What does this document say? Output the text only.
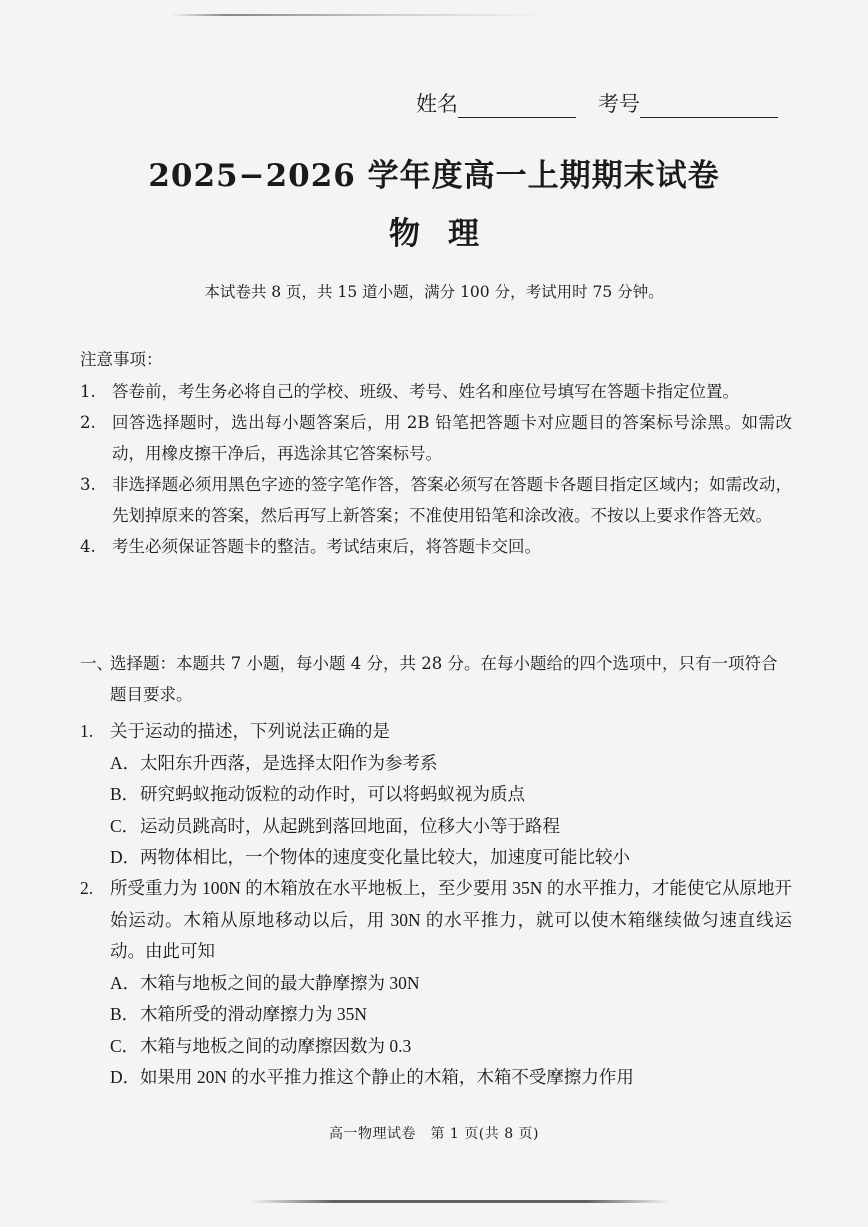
姓名	考号
2025−2026 学年度高一上期期末试卷
物理
本试卷共 8 页，共 15 道小题，满分 100 分，考试用时 75 分钟。
注意事项：
1. 答卷前，考生务必将自己的学校、班级、考号、姓名和座位号填写在答题卡指定位置。
2. 回答选择题时，选出每小题答案后，用 2B 铅笔把答题卡对应题目的答案标号涂黑。如需改动，用橡皮擦干净后，再选涂其它答案标号。
3. 非选择题必须用黑色字迹的签字笔作答，答案必须写在答题卡各题目指定区域内；如需改动，先划掉原来的答案，然后再写上新答案；不准使用铅笔和涂改液。不按以上要求作答无效。
4. 考生必须保证答题卡的整洁。考试结束后，将答题卡交回。
一、
选择题：本题共 7 小题，每小题 4 分，共 28 分。在每小题给的四个选项中，只有一项符合题目要求。
1. 关于运动的描述，下列说法正确的是
A． 太阳东升西落，是选择太阳作为参考系
B． 研究蚂蚁拖动饭粒的动作时，可以将蚂蚁视为质点
C． 运动员跳高时，从起跳到落回地面，位移大小等于路程
D． 两物体相比，一个物体的速度变化量比较大，加速度可能比较小
2. 所受重力为 100N 的木箱放在水平地板上，至少要用 35N 的水平推力，才能使它从原地开始运动。木箱从原地移动以后，用 30N 的水平推力，就可以使木箱继续做匀速直线运动。由此可知
A． 木箱与地板之间的最大静摩擦为 30N
B． 木箱所受的滑动摩擦力为 35N
C． 木箱与地板之间的动摩擦因数为 0.3
D． 如果用 20N 的水平推力推这个静止的木箱，木箱不受摩擦力作用
高一物理试卷　第 1 页(共 8 页)
